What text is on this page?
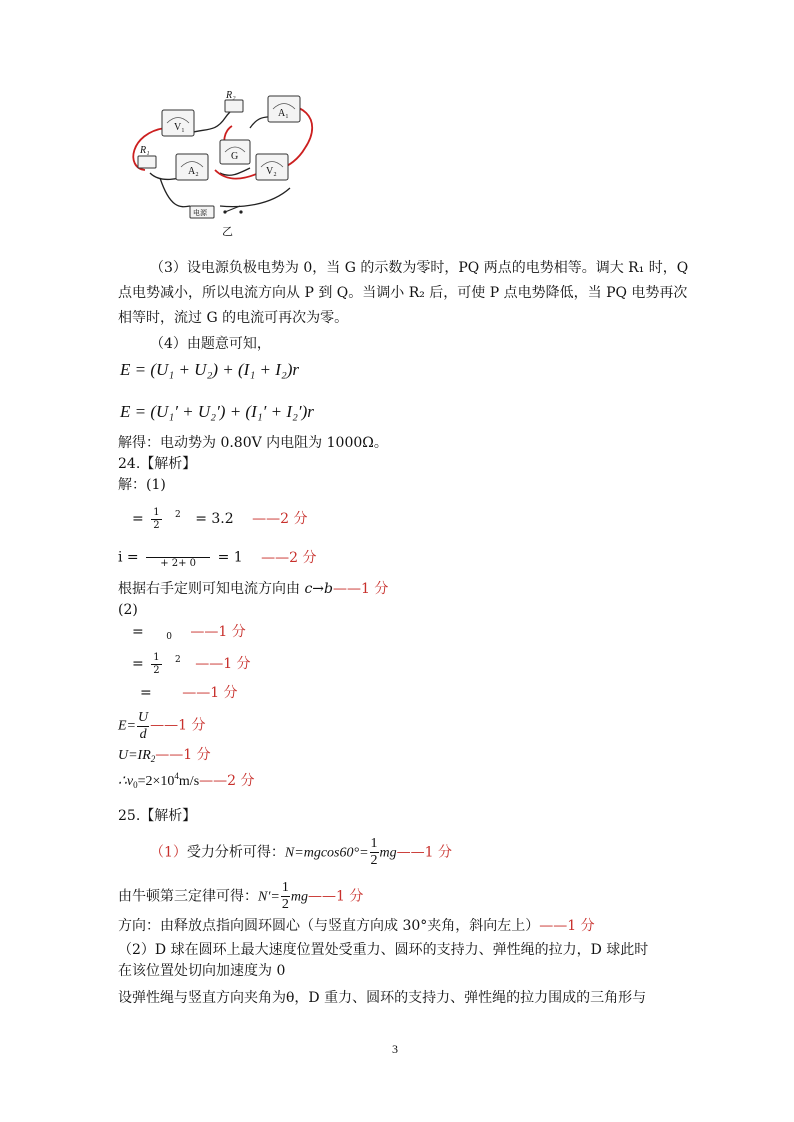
V₁
A₁
A₂
G
V₂
R₂
R₁
电源
乙
（3）设电源负极电势为 0，当 G 的示数为零时，PQ 两点的电势相等。调大 R₁ 时，Q
点电势减小，所以电流方向从 P 到 Q。当调小 R₂ 后，可使 P 点电势降低，当 PQ 电势再次
相等时，流过 G 的电流可再次为零。
（4）由题意可知，
E = (U₁ + U₂) + (I₁ + I₂)r
E = (U₁′ + U₂′) + (I₁′ + I₂′)r
解得：电动势为 0.80V 内电阻为 1000Ω。
24.【解析】
解：(1)
= $\frac{1}{2} ^2 = 3.2$ ——2 分
i =
	+ 2+ 0	= 1 ——2 分
根据右手定则可知电流方向由 c→b——1 分
(2)
= $_0$ ——1 分
= $\frac{1}{2} ^2$ ——1 分
= ——1 分
$E= \frac{U}{d}$ ——1 分
$U=IR_2——1$ 分
$\therefore v_0=2\times 10^4m/s——2$ 分
25.【解析】
（1）受力分析可得：$N=mgcos60^\circ= \frac{1}{2}$ mg——1 分
由牛顿第三定律可得：$N'= \frac{1}{2}$ mg——1 分
方向：由释放点指向圆环圆心（与竖直方向成 30°夹角，斜向左上）——1 分
（2）D 球在圆环上最大速度位置处受重力、圆环的支持力、弹性绳的拉力，D 球此时
在该位置处切向加速度为 0
设弹性绳与竖直方向夹角为θ，D 重力、圆环的支持力、弹性绳的拉力围成的三角形与
3
